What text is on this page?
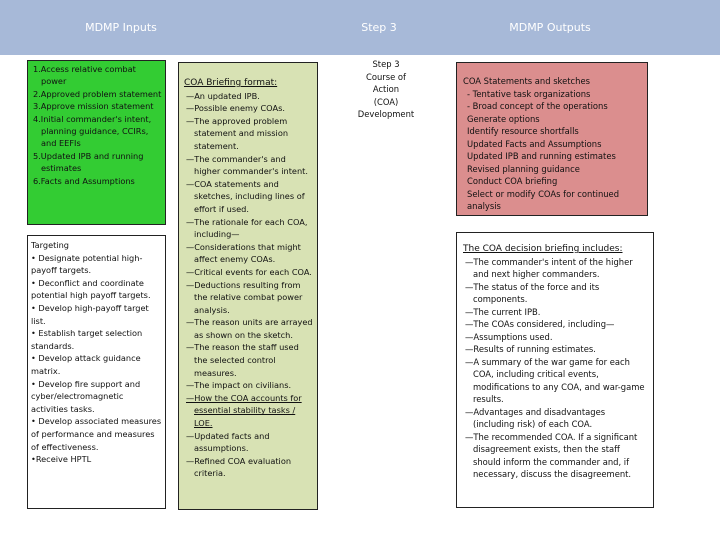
MDMP Inputs	Step 3	MDMP Outputs
1.Access relative combat power
2.Approved problem statement
3.Approve mission statement
4.Initial commander's intent, planning guidance, CCIRs, and EEFIs
5.Updated IPB and running estimates
6.Facts and Assumptions
Targeting
• Designate potential high-payoff targets.
• Deconflict and coordinate potential high payoff targets.
• Develop high-payoff target list.
• Establish target selection standards.
• Develop attack guidance matrix.
• Develop fire support and cyber/electromagnetic activities tasks.
• Develop associated measures of performance and measures of effectiveness.
•Receive HPTL
COA Briefing format:
—An updated IPB.
—Possible enemy COAs.
—The approved problem statement and mission statement.
—The commander's and higher commander's intent.
—COA statements and sketches, including lines of effort if used.
—The rationale for each COA, including—
—Considerations that might affect enemy COAs.
—Critical events for each COA.
—Deductions resulting from the relative combat power analysis.
—The reason units are arrayed as shown on the sketch.
—The reason the staff used the selected control measures.
—The impact on civilians.
—How the COA accounts for essential stability tasks / LOE.
—Updated facts and assumptions.
—Refined COA evaluation criteria.
Step 3
Course of
Action
(COA)
Development
COA Statements and sketches
- Tentative task organizations
- Broad concept of the operations
Generate options
Identify resource shortfalls
Updated Facts and Assumptions
Updated IPB and running estimates
Revised planning guidance
Conduct COA briefing
Select or modify COAs for continued analysis
The COA decision briefing includes:
—The commander's intent of the higher and next higher commanders.
—The status of the force and its components.
—The current IPB.
—The COAs considered, including—
—Assumptions used.
—Results of running estimates.
—A summary of the war game for each COA, including critical events, modifications to any COA, and war-game results.
—Advantages and disadvantages (including risk) of each COA.
—The recommended COA. If a significant disagreement exists, then the staff should inform the commander and, if necessary, discuss the disagreement.
